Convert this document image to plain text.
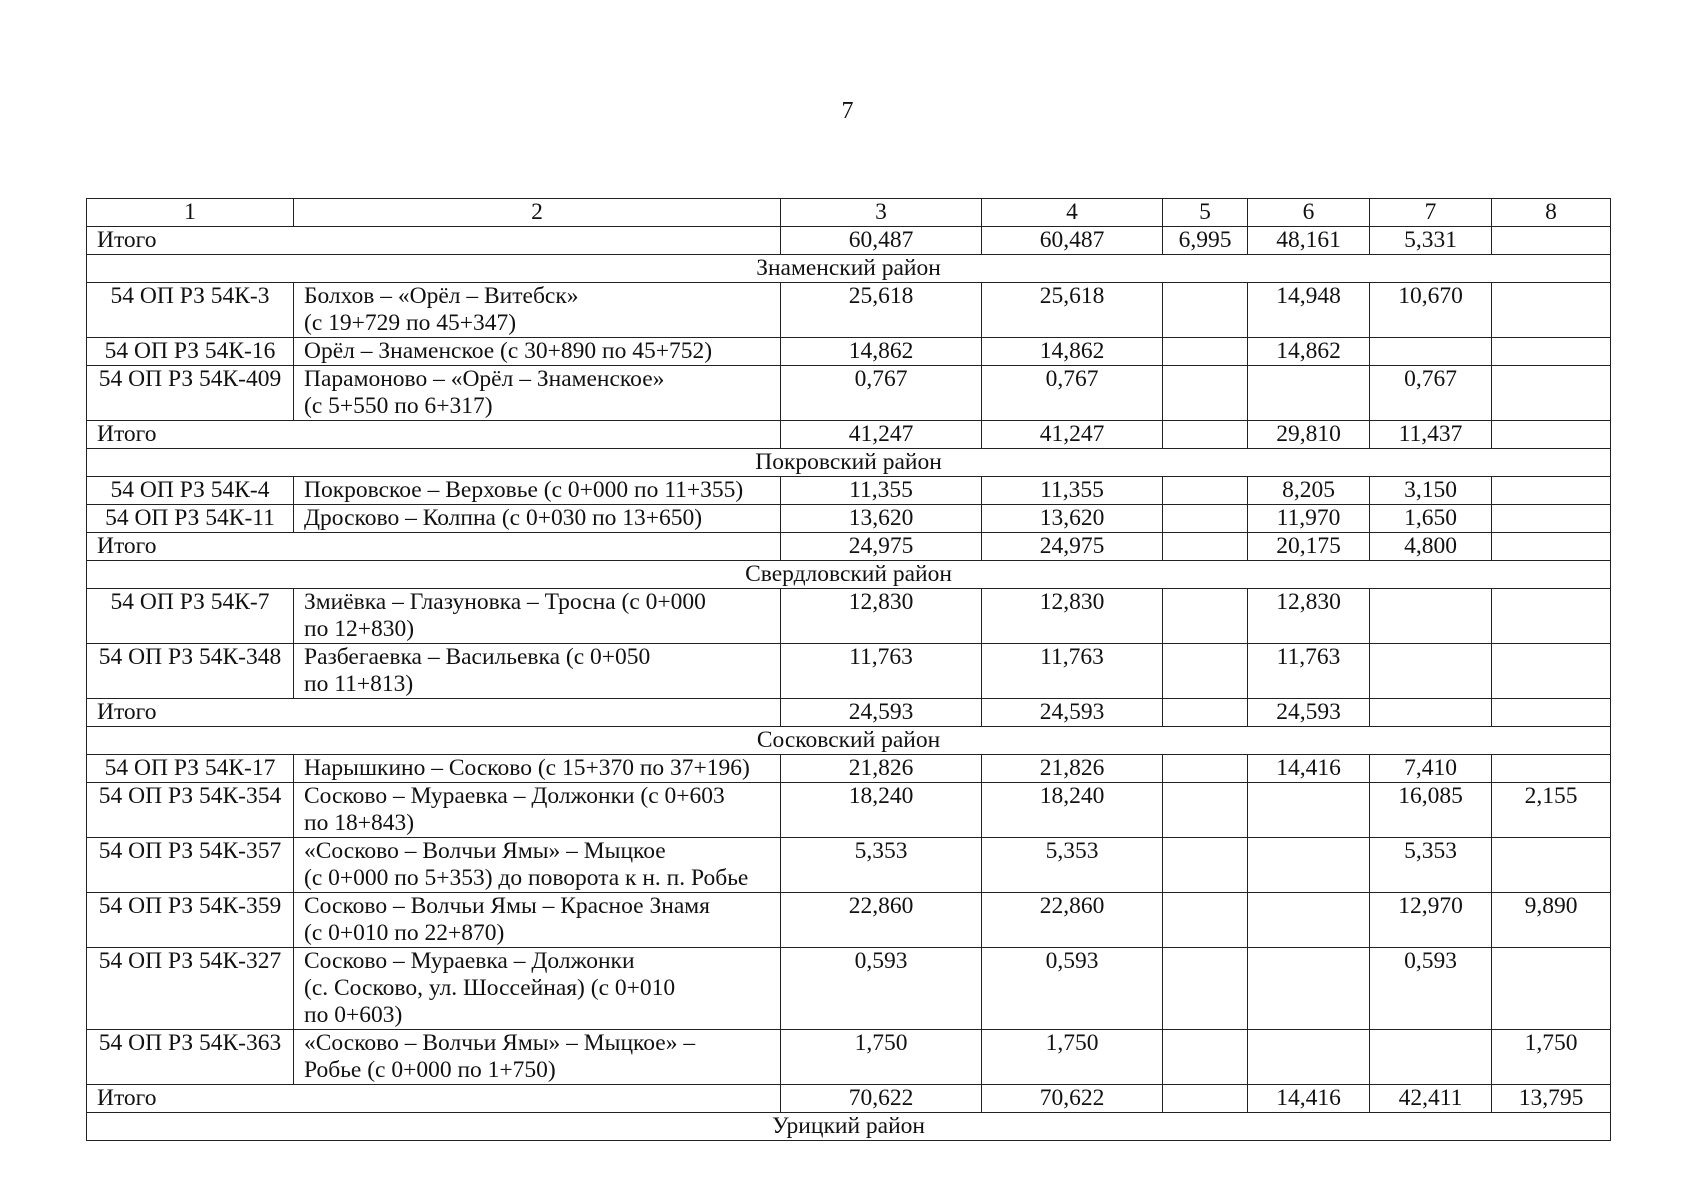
7
1	2	3	4	5	6	7	8
Итого		60,487	60,487	6,995	48,161	5,331	
Знаменский район							
54 ОП РЗ 54К-3	Болхов – «Орёл – Витебск»
(с 19+729 по 45+347)	25,618	25,618		14,948	10,670	
54 ОП РЗ 54К-16	Орёл – Знаменское (с 30+890 по 45+752)	14,862	14,862		14,862		
54 ОП РЗ 54К-409	Парамоново – «Орёл – Знаменское»
(с 5+550 по 6+317)	0,767	0,767			0,767	
Итого		41,247	41,247		29,810	11,437	
Покровский район							
54 ОП РЗ 54К-4	Покровское – Верховье (с 0+000 по 11+355)	11,355	11,355		8,205	3,150	
54 ОП РЗ 54К-11	Дросково – Колпна (с 0+030 по 13+650)	13,620	13,620		11,970	1,650	
Итого		24,975	24,975		20,175	4,800	
Свердловский район							
54 ОП РЗ 54К-7	Змиёвка – Глазуновка – Тросна (с 0+000
по 12+830)	12,830	12,830		12,830		
54 ОП РЗ 54К-348	Разбегаевка – Васильевка (с 0+050
по 11+813)	11,763	11,763		11,763		
Итого		24,593	24,593		24,593		
Сосковский район							
54 ОП РЗ 54К-17	Нарышкино – Сосково (с 15+370 по 37+196)	21,826	21,826		14,416	7,410	
54 ОП РЗ 54К-354	Сосково – Мураевка – Должонки (с 0+603
по 18+843)	18,240	18,240			16,085	2,155
54 ОП РЗ 54К-357	«Сосково – Волчьи Ямы» – Мыцкое
(с 0+000 по 5+353) до поворота к н. п. Робье	5,353	5,353			5,353	
54 ОП РЗ 54К-359	Сосково – Волчьи Ямы – Красное Знамя
(с 0+010 по 22+870)	22,860	22,860			12,970	9,890
54 ОП РЗ 54К-327	Сосково – Мураевка – Должонки
(с. Сосково, ул. Шоссейная) (с 0+010
по 0+603)	0,593	0,593			0,593	
54 ОП РЗ 54К-363	«Сосково – Волчьи Ямы» – Мыцкое» –
Робье (с 0+000 по 1+750)	1,750	1,750				1,750
Итого		70,622	70,622		14,416	42,411	13,795
Урицкий район							
